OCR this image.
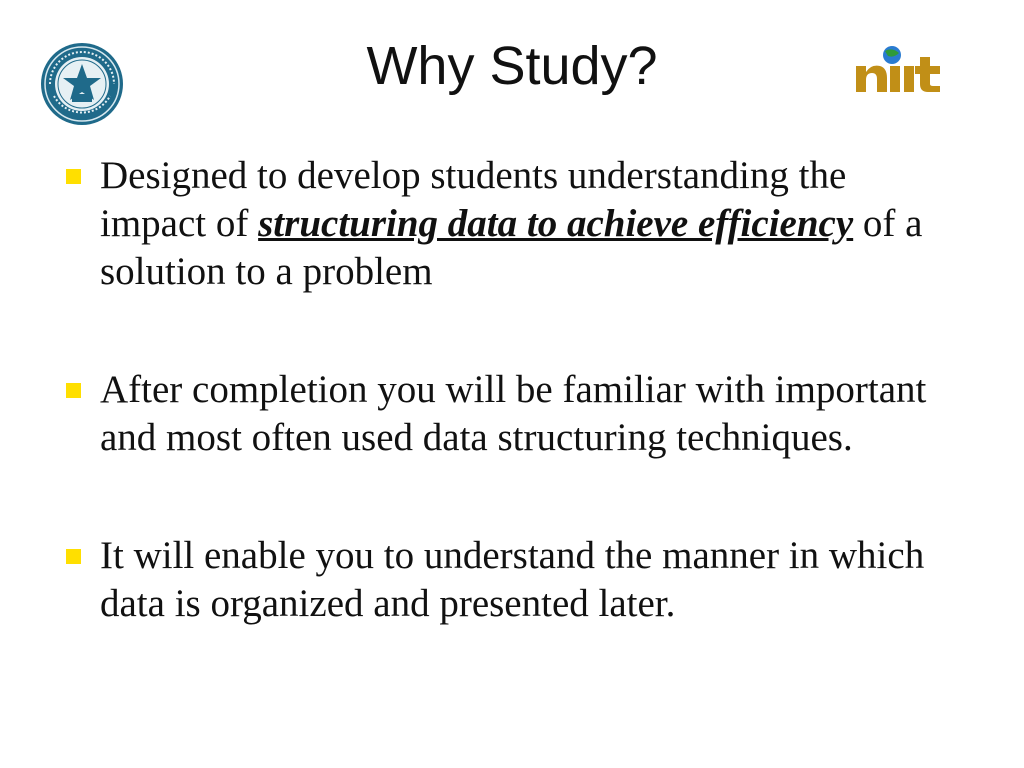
Why Study?
Designed to develop students understanding the impact of structuring data to achieve efficiency of a solution to a problem
After completion you will be familiar with important and most often used data structuring techniques.
It will enable you to understand the manner in which data is organized and presented later.
